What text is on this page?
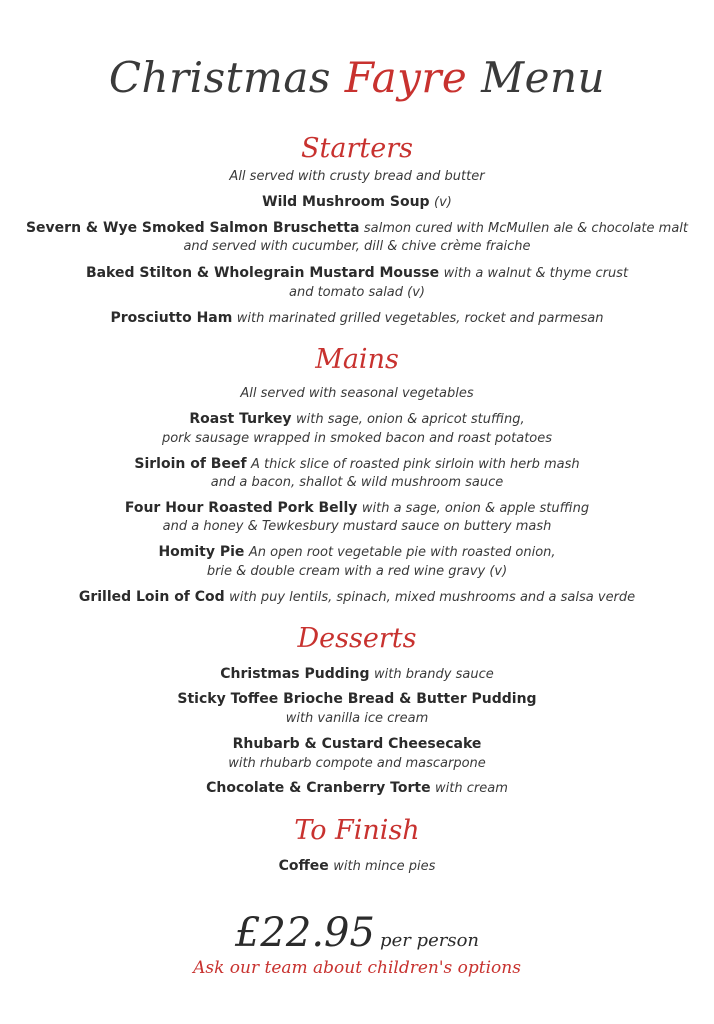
Christmas Fayre Menu
Starters
All served with crusty bread and butter
Wild Mushroom Soup (v)
Severn & Wye Smoked Salmon Bruschetta salmon cured with McMullen ale & chocolate malt
and served with cucumber, dill & chive crème fraiche
Baked Stilton & Wholegrain Mustard Mousse with a walnut & thyme crust
and tomato salad (v)
Prosciutto Ham with marinated grilled vegetables, rocket and parmesan
Mains
All served with seasonal vegetables
Roast Turkey with sage, onion & apricot stuffing,
pork sausage wrapped in smoked bacon and roast potatoes
Sirloin of Beef A thick slice of roasted pink sirloin with herb mash
and a bacon, shallot & wild mushroom sauce
Four Hour Roasted Pork Belly with a sage, onion & apple stuffing
and a honey & Tewkesbury mustard sauce on buttery mash
Homity Pie An open root vegetable pie with roasted onion,
brie & double cream with a red wine gravy (v)
Grilled Loin of Cod with puy lentils, spinach, mixed mushrooms and a salsa verde
Desserts
Christmas Pudding with brandy sauce
Sticky Toffee Brioche Bread & Butter Pudding
with vanilla ice cream
Rhubarb & Custard Cheesecake
with rhubarb compote and mascarpone
Chocolate & Cranberry Torte with cream
To Finish
Coffee with mince pies
£22.95 per person
Ask our team about children's options
